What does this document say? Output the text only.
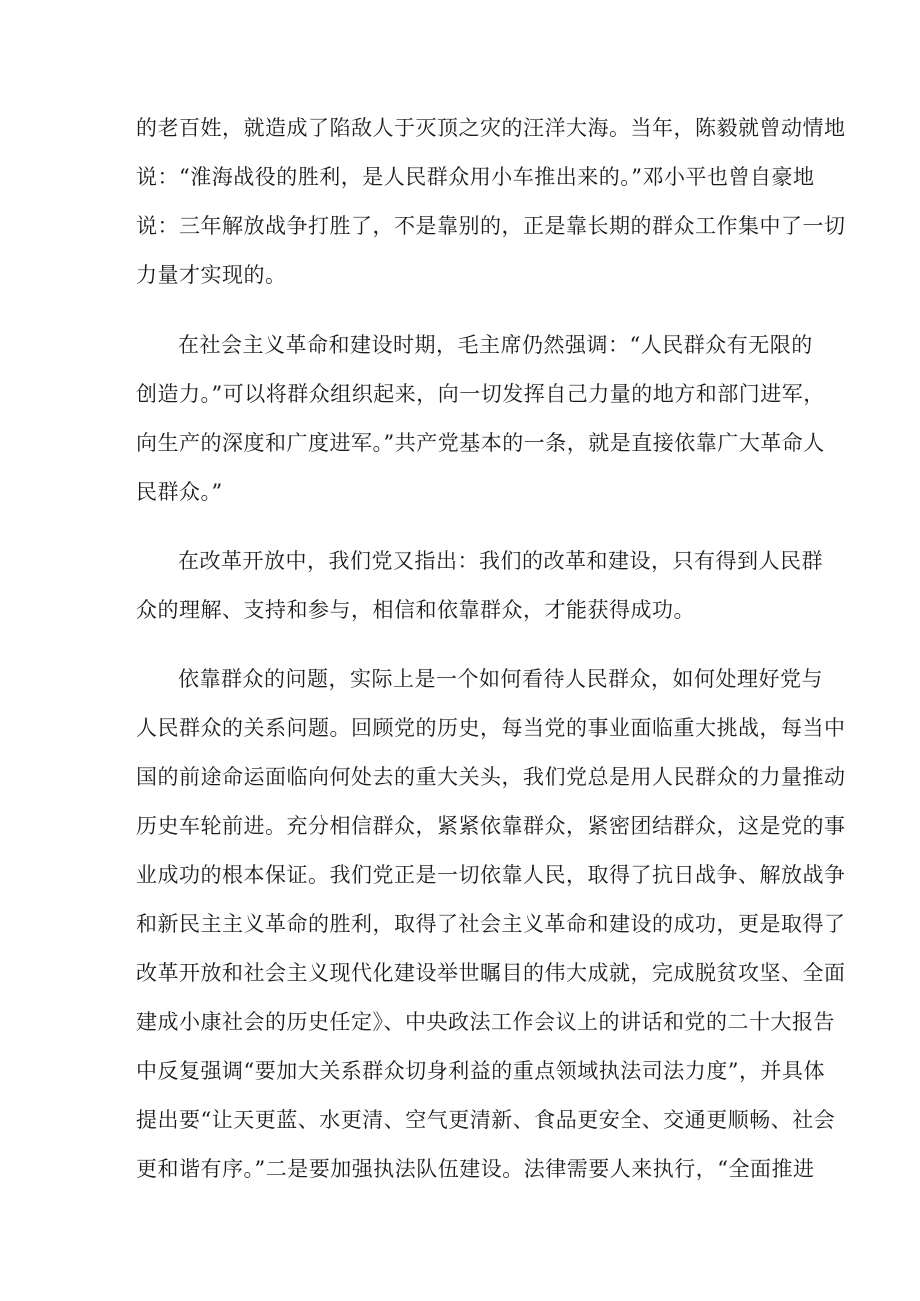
的老百姓，就造成了陷敌人于灭顶之灾的汪洋大海。当年，陈毅就曾动情地
说：“淮海战役的胜利，是人民群众用小车推出来的。”邓小平也曾自豪地
说：三年解放战争打胜了，不是靠别的，正是靠长期的群众工作集中了一切
力量才实现的。
在社会主义革命和建设时期，毛主席仍然强调：“人民群众有无限的
创造力。”可以将群众组织起来，向一切发挥自己力量的地方和部门进军，
向生产的深度和广度进军。”共产党基本的一条，就是直接依靠广大革命人
民群众。”
在改革开放中，我们党又指出：我们的改革和建设，只有得到人民群
众的理解、支持和参与，相信和依靠群众，才能获得成功。
依靠群众的问题，实际上是一个如何看待人民群众，如何处理好党与
人民群众的关系问题。回顾党的历史，每当党的事业面临重大挑战，每当中
国的前途命运面临向何处去的重大关头，我们党总是用人民群众的力量推动
历史车轮前进。充分相信群众，紧紧依靠群众，紧密团结群众，这是党的事
业成功的根本保证。我们党正是一切依靠人民，取得了抗日战争、解放战争
和新民主主义革命的胜利，取得了社会主义革命和建设的成功，更是取得了
改革开放和社会主义现代化建设举世瞩目的伟大成就，完成脱贫攻坚、全面
建成小康社会的历史任定》、中央政法工作会议上的讲话和党的二十大报告
中反复强调“要加大关系群众切身利益的重点领域执法司法力度”，并具体
提出要“让天更蓝、水更清、空气更清新、食品更安全、交通更顺畅、社会
更和谐有序。”二是要加强执法队伍建设。法律需要人来执行，“全面推进
